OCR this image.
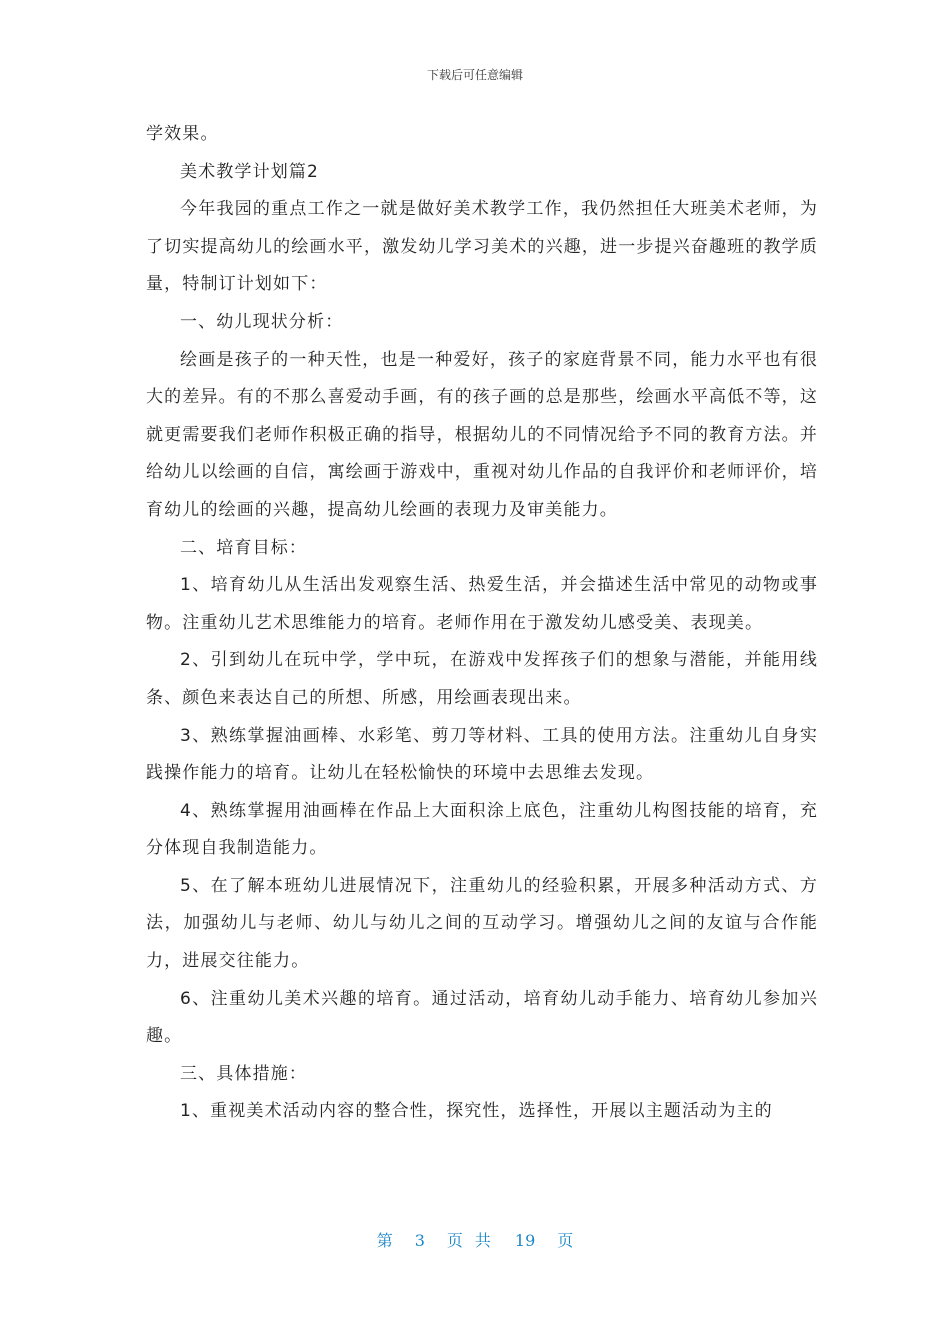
下载后可任意编辑

学效果。

美术教学计划篇2

今年我园的重点工作之一就是做好美术教学工作，我仍然担任大班美术老师，为了切实提高幼儿的绘画水平，激发幼儿学习美术的兴趣，进一步提兴奋趣班的教学质量，特制订计划如下：

一、幼儿现状分析：

绘画是孩子的一种天性，也是一种爱好，孩子的家庭背景不同，能力水平也有很大的差异。有的不那么喜爱动手画，有的孩子画的总是那些，绘画水平高低不等，这就更需要我们老师作积极正确的指导，根据幼儿的不同情况给予不同的教育方法。并给幼儿以绘画的自信，寓绘画于游戏中，重视对幼儿作品的自我评价和老师评价，培育幼儿的绘画的兴趣，提高幼儿绘画的表现力及审美能力。

二、培育目标：

1、培育幼儿从生活出发观察生活、热爱生活，并会描述生活中常见的动物或事物。注重幼儿艺术思维能力的培育。老师作用在于激发幼儿感受美、表现美。

2、引到幼儿在玩中学，学中玩，在游戏中发挥孩子们的想象与潜能，并能用线条、颜色来表达自己的所想、所感，用绘画表现出来。

3、熟练掌握油画棒、水彩笔、剪刀等材料、工具的使用方法。注重幼儿自身实践操作能力的培育。让幼儿在轻松愉快的环境中去思维去发现。

4、熟练掌握用油画棒在作品上大面积涂上底色，注重幼儿构图技能的培育，充分体现自我制造能力。

5、在了解本班幼儿进展情况下，注重幼儿的经验积累，开展多种活动方式、方法，加强幼儿与老师、幼儿与幼儿之间的互动学习。增强幼儿之间的友谊与合作能力，进展交往能力。

6、注重幼儿美术兴趣的培育。通过活动，培育幼儿动手能力、培育幼儿参加兴趣。

三、具体措施：

1、重视美术活动内容的整合性，探究性，选择性，开展以主题活动为主的

第 3 页共 19 页
